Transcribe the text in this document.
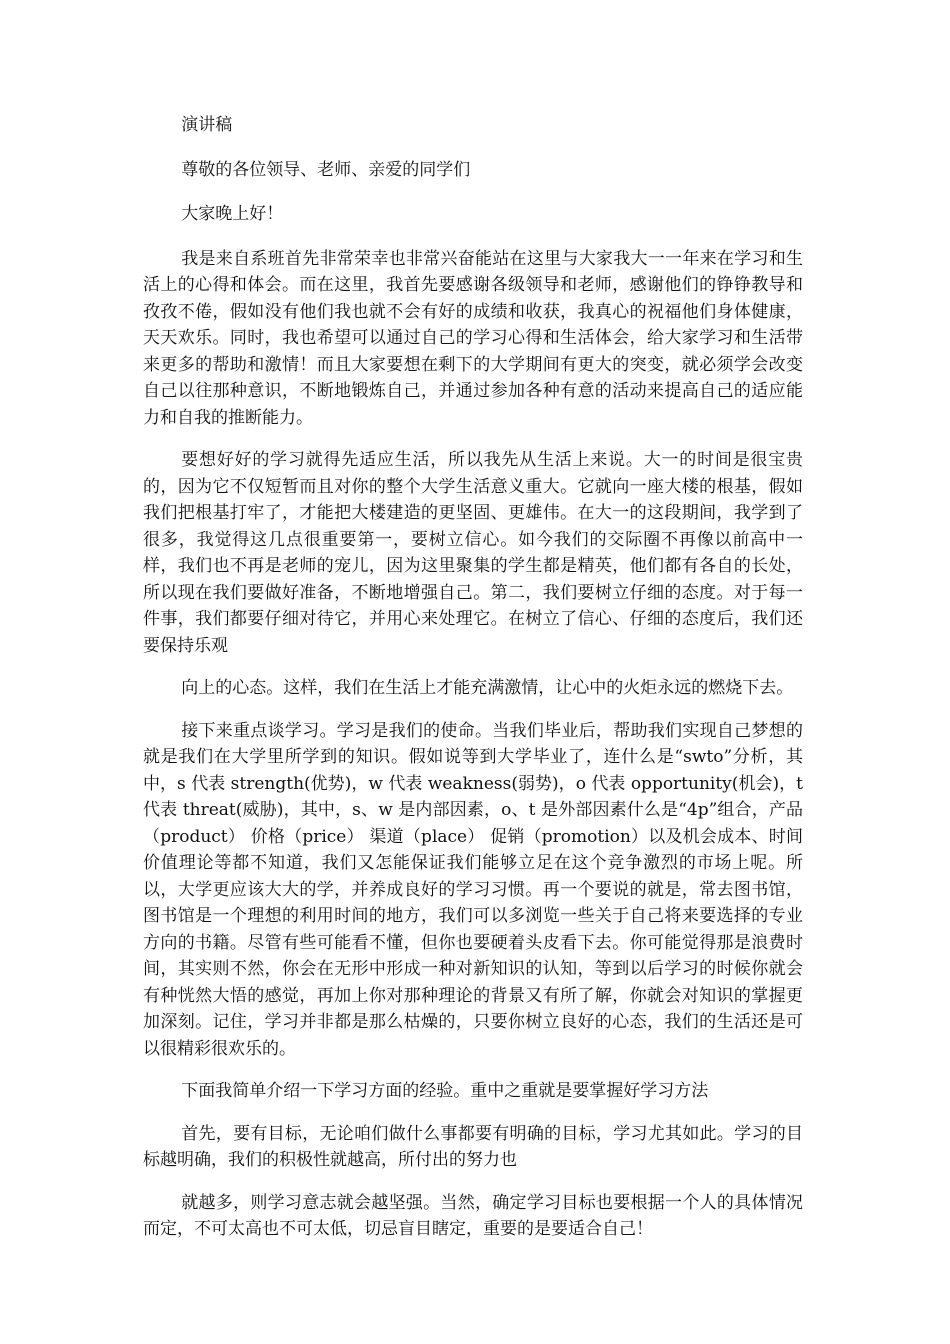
演讲稿

尊敬的各位领导、老师、亲爱的同学们

大家晚上好！

我是来自系班首先非常荣幸也非常兴奋能站在这里与大家我大一一年来在学习和生活上的心得和体会。而在这里，我首先要感谢各级领导和老师，感谢他们的铮铮教导和孜孜不倦，假如没有他们我也就不会有好的成绩和收获，我真心的祝福他们身体健康，天天欢乐。同时，我也希望可以通过自己的学习心得和生活体会，给大家学习和生活带来更多的帮助和激情！而且大家要想在剩下的大学期间有更大的突变，就必须学会改变自己以往那种意识，不断地锻炼自己，并通过参加各种有意的活动来提高自己的适应能力和自我的推断能力。

要想好好的学习就得先适应生活，所以我先从生活上来说。大一的时间是很宝贵的，因为它不仅短暂而且对你的整个大学生活意义重大。它就向一座大楼的根基，假如我们把根基打牢了，才能把大楼建造的更坚固、更雄伟。在大一的这段期间，我学到了很多，我觉得这几点很重要第一，要树立信心。如今我们的交际圈不再像以前高中一样，我们也不再是老师的宠儿，因为这里聚集的学生都是精英，他们都有各自的长处，所以现在我们要做好准备，不断地增强自己。第二，我们要树立仔细的态度。对于每一件事，我们都要仔细对待它，并用心来处理它。在树立了信心、仔细的态度后，我们还要保持乐观

向上的心态。这样，我们在生活上才能充满激情，让心中的火炬永远的燃烧下去。

接下来重点谈学习。学习是我们的使命。当我们毕业后，帮助我们实现自己梦想的就是我们在大学里所学到的知识。假如说等到大学毕业了，连什么是“swto”分析，其中，s 代表 strength(优势)，w 代表 weakness(弱势)，o 代表 opportunity(机会)，t 代表 threat(威胁)，其中，s、w 是内部因素，o、t 是外部因素什么是“4p”组合，产品（product） 价格（price） 渠道（place） 促销（promotion）以及机会成本、时间价值理论等都不知道，我们又怎能保证我们能够立足在这个竞争激烈的市场上呢。所以，大学更应该大大的学，并养成良好的学习习惯。再一个要说的就是，常去图书馆，图书馆是一个理想的利用时间的地方，我们可以多浏览一些关于自己将来要选择的专业方向的书籍。尽管有些可能看不懂，但你也要硬着头皮看下去。你可能觉得那是浪费时间，其实则不然，你会在无形中形成一种对新知识的认知，等到以后学习的时候你就会有种恍然大悟的感觉，再加上你对那种理论的背景又有所了解，你就会对知识的掌握更加深刻。记住，学习并非都是那么枯燥的，只要你树立良好的心态，我们的生活还是可以很精彩很欢乐的。

下面我简单介绍一下学习方面的经验。重中之重就是要掌握好学习方法

首先，要有目标，无论咱们做什么事都要有明确的目标，学习尤其如此。学习的目标越明确，我们的积极性就越高，所付出的努力也

就越多，则学习意志就会越坚强。当然，确定学习目标也要根据一个人的具体情况而定，不可太高也不可太低，切忌盲目瞎定，重要的是要适合自己！
